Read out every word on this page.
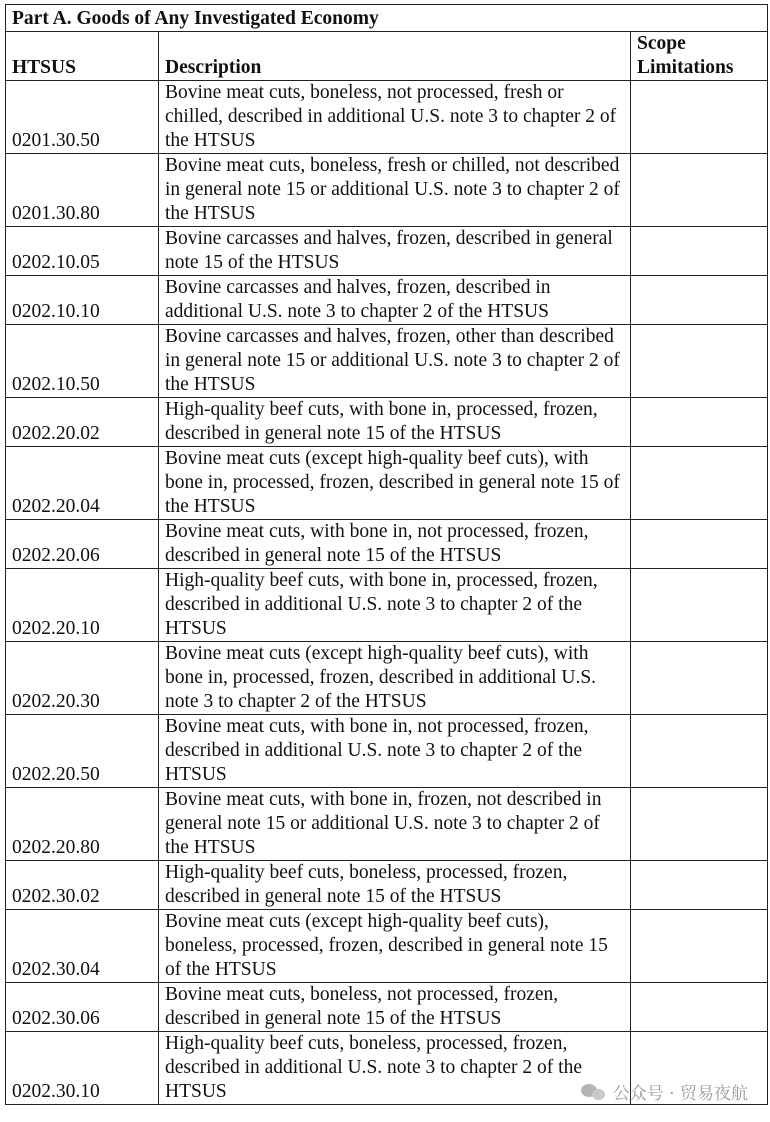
Part A. Goods of Any Investigated Economy		
HTSUS	Description	Scope Limitations
0201.30.50	Bovine meat cuts, boneless, not processed, fresh or chilled, described in additional U.S. note 3 to chapter 2 of the HTSUS	
0201.30.80	Bovine meat cuts, boneless, fresh or chilled, not described in general note 15 or additional U.S. note 3 to chapter 2 of the HTSUS	
0202.10.05	Bovine carcasses and halves, frozen, described in general note 15 of the HTSUS	
0202.10.10	Bovine carcasses and halves, frozen, described in additional U.S. note 3 to chapter 2 of the HTSUS	
0202.10.50	Bovine carcasses and halves, frozen, other than described in general note 15 or additional U.S. note 3 to chapter 2 of the HTSUS	
0202.20.02	High-quality beef cuts, with bone in, processed, frozen, described in general note 15 of the HTSUS	
0202.20.04	Bovine meat cuts (except high-quality beef cuts), with bone in, processed, frozen, described in general note 15 of the HTSUS	
0202.20.06	Bovine meat cuts, with bone in, not processed, frozen, described in general note 15 of the HTSUS	
0202.20.10	High-quality beef cuts, with bone in, processed, frozen, described in additional U.S. note 3 to chapter 2 of the HTSUS	
0202.20.30	Bovine meat cuts (except high-quality beef cuts), with bone in, processed, frozen, described in additional U.S. note 3 to chapter 2 of the HTSUS	
0202.20.50	Bovine meat cuts, with bone in, not processed, frozen, described in additional U.S. note 3 to chapter 2 of the HTSUS	
0202.20.80	Bovine meat cuts, with bone in, frozen, not described in general note 15 or additional U.S. note 3 to chapter 2 of the HTSUS	
0202.30.02	High-quality beef cuts, boneless, processed, frozen, described in general note 15 of the HTSUS	
0202.30.04	Bovine meat cuts (except high-quality beef cuts), boneless, processed, frozen, described in general note 15 of the HTSUS	
0202.30.06	Bovine meat cuts, boneless, not processed, frozen, described in general note 15 of the HTSUS	
0202.30.10	High-quality beef cuts, boneless, processed, frozen, described in additional U.S. note 3 to chapter 2 of the HTSUS		公众号 · 贸易夜航
